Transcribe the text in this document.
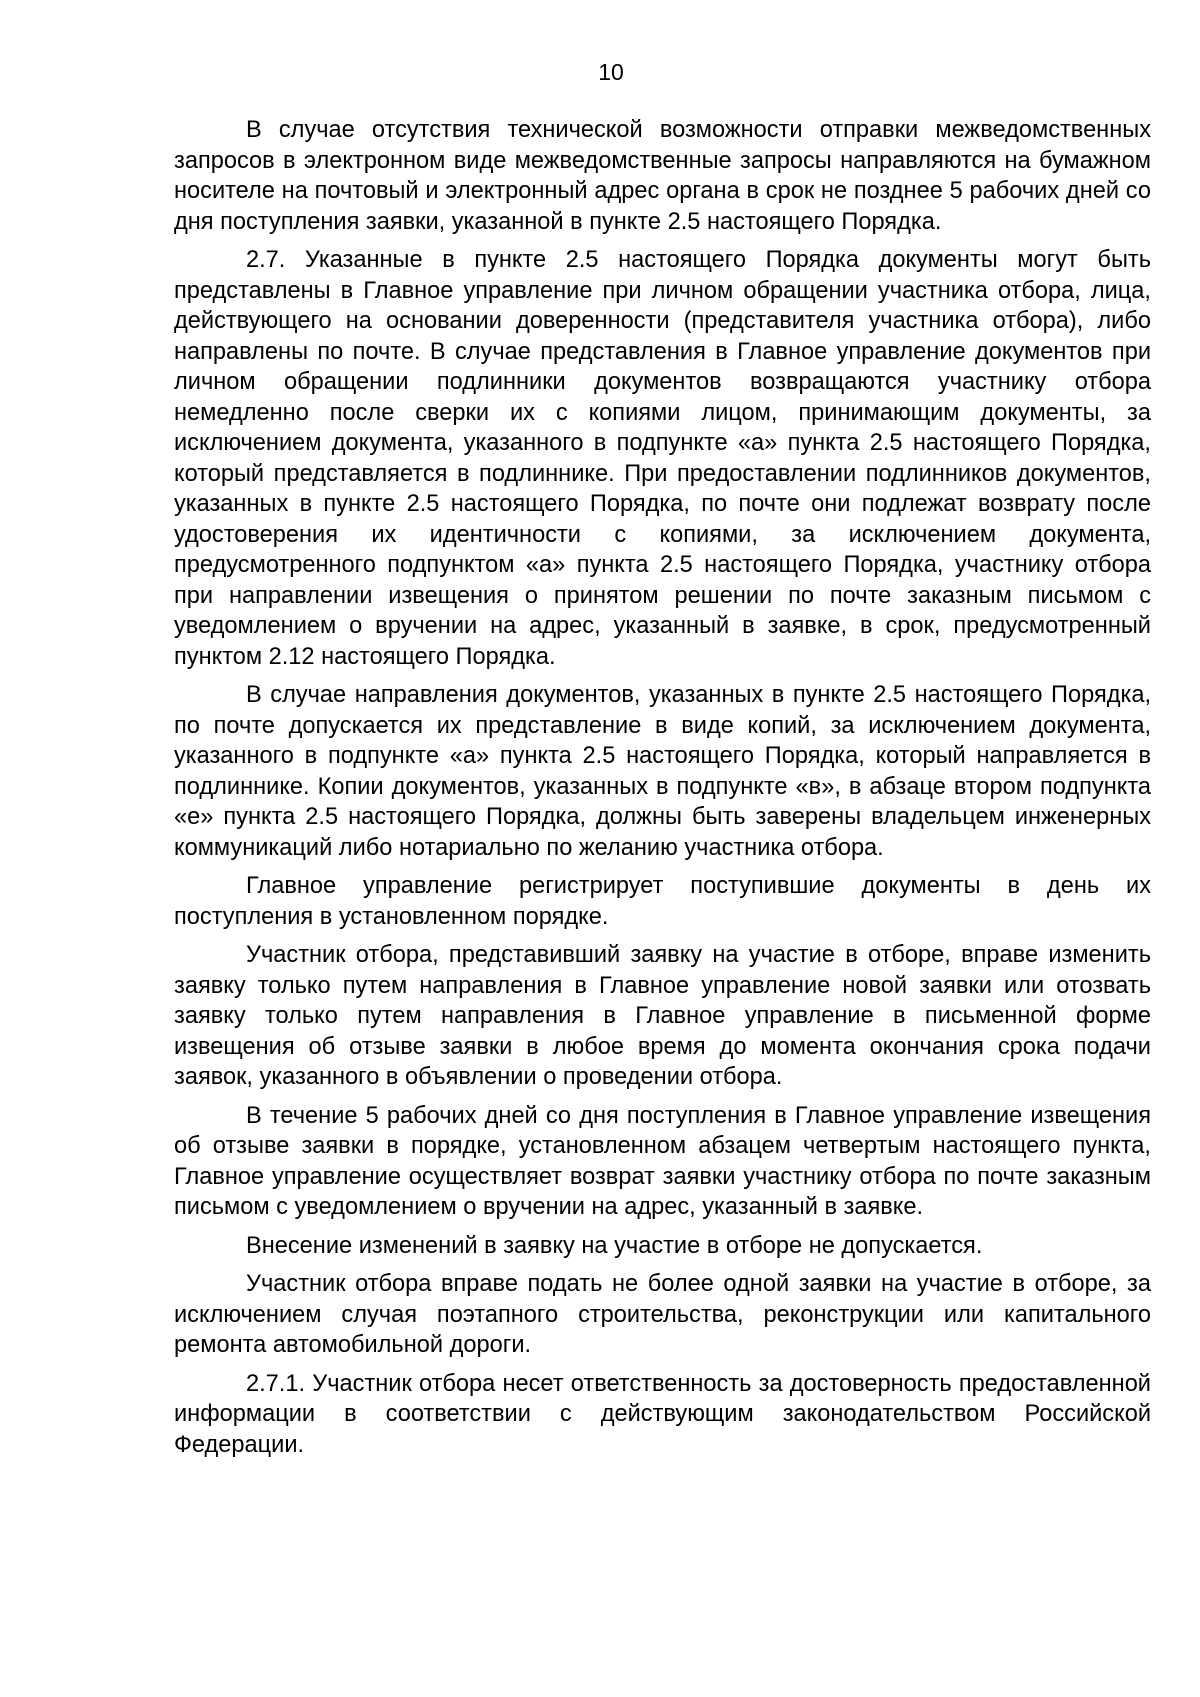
10

В случае отсутствия технической возможности отправки межведомственных запросов в электронном виде межведомственные запросы направляются на бумажном носителе на почтовый и электронный адрес органа в срок не позднее 5 рабочих дней со дня поступления заявки, указанной в пункте 2.5 настоящего Порядка.

2.7. Указанные в пункте 2.5 настоящего Порядка документы могут быть представлены в Главное управление при личном обращении участника отбора, лица, действующего на основании доверенности (представителя участника отбора), либо направлены по почте. В случае представления в Главное управление документов при личном обращении подлинники документов возвращаются участнику отбора немедленно после сверки их с копиями лицом, принимающим документы, за исключением документа, указанного в подпункте «а» пункта 2.5 настоящего Порядка, который представляется в подлиннике. При предоставлении подлинников документов, указанных в пункте 2.5 настоящего Порядка, по почте они подлежат возврату после удостоверения их идентичности с копиями, за исключением документа, предусмотренного подпунктом «а» пункта 2.5 настоящего Порядка, участнику отбора при направлении извещения о принятом решении по почте заказным письмом с уведомлением о вручении на адрес, указанный в заявке, в срок, предусмотренный пунктом 2.12 настоящего Порядка.

В случае направления документов, указанных в пункте 2.5 настоящего Порядка, по почте допускается их представление в виде копий, за исключением документа, указанного в подпункте «а» пункта 2.5 настоящего Порядка, который направляется в подлиннике. Копии документов, указанных в подпункте «в», в абзаце втором подпункта «е» пункта 2.5 настоящего Порядка, должны быть заверены владельцем инженерных коммуникаций либо нотариально по желанию участника отбора.

Главное управление регистрирует поступившие документы в день их поступления в установленном порядке.

Участник отбора, представивший заявку на участие в отборе, вправе изменить заявку только путем направления в Главное управление новой заявки или отозвать заявку только путем направления в Главное управление в письменной форме извещения об отзыве заявки в любое время до момента окончания срока подачи заявок, указанного в объявлении о проведении отбора.

В течение 5 рабочих дней со дня поступления в Главное управление извещения об отзыве заявки в порядке, установленном абзацем четвертым настоящего пункта, Главное управление осуществляет возврат заявки участнику отбора по почте заказным письмом с уведомлением о вручении на адрес, указанный в заявке.

Внесение изменений в заявку на участие в отборе не допускается.

Участник отбора вправе подать не более одной заявки на участие в отборе, за исключением случая поэтапного строительства, реконструкции или капитального ремонта автомобильной дороги.

2.7.1. Участник отбора несет ответственность за достоверность предоставленной информации в соответствии с действующим законодательством Российской Федерации.
